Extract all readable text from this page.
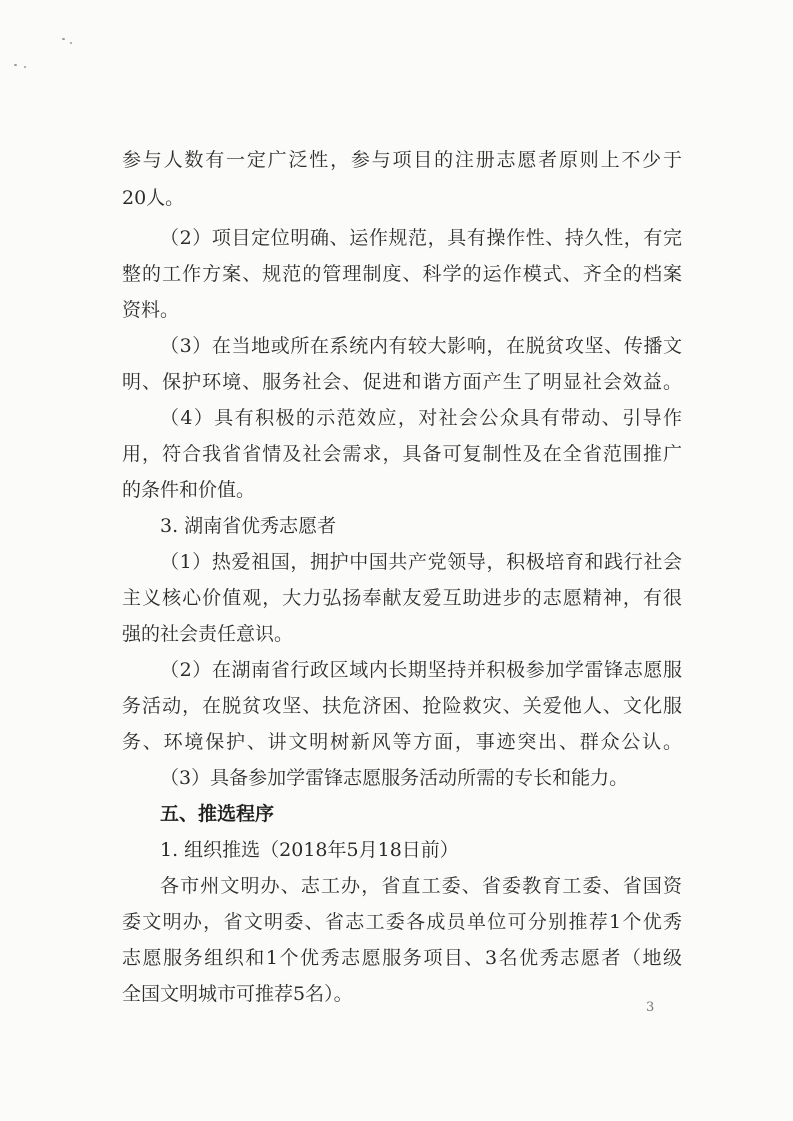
参与人数有一定广泛性，参与项目的注册志愿者原则上不少于
20人。
（2）项目定位明确、运作规范，具有操作性、持久性，有完
整的工作方案、规范的管理制度、科学的运作模式、齐全的档案
资料。
（3）在当地或所在系统内有较大影响，在脱贫攻坚、传播文
明、保护环境、服务社会、促进和谐方面产生了明显社会效益。
（4）具有积极的示范效应，对社会公众具有带动、引导作
用，符合我省省情及社会需求，具备可复制性及在全省范围推广
的条件和价值。
3. 湖南省优秀志愿者
（1）热爱祖国，拥护中国共产党领导，积极培育和践行社会
主义核心价值观，大力弘扬奉献友爱互助进步的志愿精神，有很
强的社会责任意识。
（2）在湖南省行政区域内长期坚持并积极参加学雷锋志愿服
务活动，在脱贫攻坚、扶危济困、抢险救灾、关爱他人、文化服
务、环境保护、讲文明树新风等方面，事迹突出、群众公认。
（3）具备参加学雷锋志愿服务活动所需的专长和能力。
五、推选程序
1. 组织推选（2018年5月18日前）
各市州文明办、志工办，省直工委、省委教育工委、省国资
委文明办，省文明委、省志工委各成员单位可分别推荐1个优秀
志愿服务组织和1个优秀志愿服务项目、3名优秀志愿者（地级
全国文明城市可推荐5名）。
3
